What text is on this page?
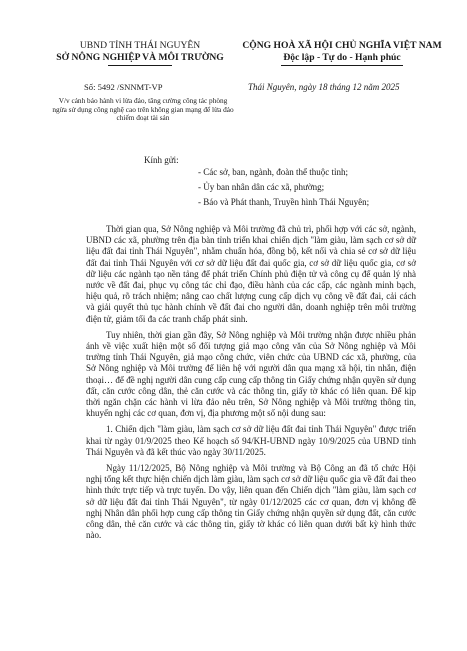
UBND TỈNH THÁI NGUYÊN
SỞ NÔNG NGHIỆP VÀ MÔI TRƯỜNG
CỘNG HOÀ XÃ HỘI CHỦ NGHĨA VIỆT NAM
Độc lập - Tự do - Hạnh phúc
Số: 5492 /SNNMT-VP
V/v cảnh báo hành vi lừa đảo, tăng cường công tác phòng ngừa sử dụng công nghệ cao trên không gian mạng để lừa đảo chiếm đoạt tài sản
Thái Nguyên, ngày 18 tháng 12 năm 2025
Kính gửi:
- Các sở, ban, ngành, đoàn thể thuộc tỉnh;
- Ủy ban nhân dân các xã, phường;
- Báo và Phát thanh, Truyền hình Thái Nguyên;

Thời gian qua, Sở Nông nghiệp và Môi trường đã chủ trì, phối hợp với các sở, ngành, UBND các xã, phường trên địa bàn tỉnh triển khai chiến dịch "làm giàu, làm sạch cơ sở dữ liệu đất đai tỉnh Thái Nguyên", nhằm chuẩn hóa, đồng bộ, kết nối và chia sẻ cơ sở dữ liệu đất đai tỉnh Thái Nguyên với cơ sở dữ liệu đất đai quốc gia, cơ sở dữ liệu quốc gia, cơ sở dữ liệu các ngành tạo nền tảng để phát triển Chính phủ điện tử và công cụ để quản lý nhà nước về đất đai, phục vụ công tác chỉ đạo, điều hành của các cấp, các ngành minh bạch, hiệu quả, rõ trách nhiệm; nâng cao chất lượng cung cấp dịch vụ công về đất đai, cải cách và giải quyết thủ tục hành chính về đất đai cho người dân, doanh nghiệp trên môi trường điện tử, giảm tối đa các tranh chấp phát sinh.

Tuy nhiên, thời gian gần đây, Sở Nông nghiệp và Môi trường nhận được nhiều phản ánh về việc xuất hiện một số đối tượng giả mạo công văn của Sở Nông nghiệp và Môi trường tỉnh Thái Nguyên, giả mạo công chức, viên chức của UBND các xã, phường, của Sở Nông nghiệp và Môi trường để liên hệ với người dân qua mạng xã hội, tin nhắn, điện thoại… để đề nghị người dân cung cấp cung cấp thông tin Giấy chứng nhận quyền sử dụng đất, căn cước công dân, thẻ căn cước và các thông tin, giấy tờ khác có liên quan. Để kịp thời ngăn chặn các hành vi lừa đảo nêu trên, Sở Nông nghiệp và Môi trường thông tin, khuyến nghị các cơ quan, đơn vị, địa phương một số nội dung sau:

1. Chiến dịch "làm giàu, làm sạch cơ sở dữ liệu đất đai tỉnh Thái Nguyên" được triển khai từ ngày 01/9/2025 theo Kế hoạch số 94/KH-UBND ngày 10/9/2025 của UBND tỉnh Thái Nguyên và đã kết thúc vào ngày 30/11/2025.

Ngày 11/12/2025, Bộ Nông nghiệp và Môi trường và Bộ Công an đã tổ chức Hội nghị tổng kết thực hiện chiến dịch làm giàu, làm sạch cơ sở dữ liệu quốc gia về đất đai theo hình thức trực tiếp và trực tuyến. Do vậy, liên quan đến Chiến dịch "làm giàu, làm sạch cơ sở dữ liệu đất đai tỉnh Thái Nguyên", từ ngày 01/12/2025 các cơ quan, đơn vị không đề nghị Nhân dân phối hợp cung cấp thông tin Giấy chứng nhận quyền sử dụng đất, căn cước công dân, thẻ căn cước và các thông tin, giấy tờ khác có liên quan dưới bất kỳ hình thức nào.
